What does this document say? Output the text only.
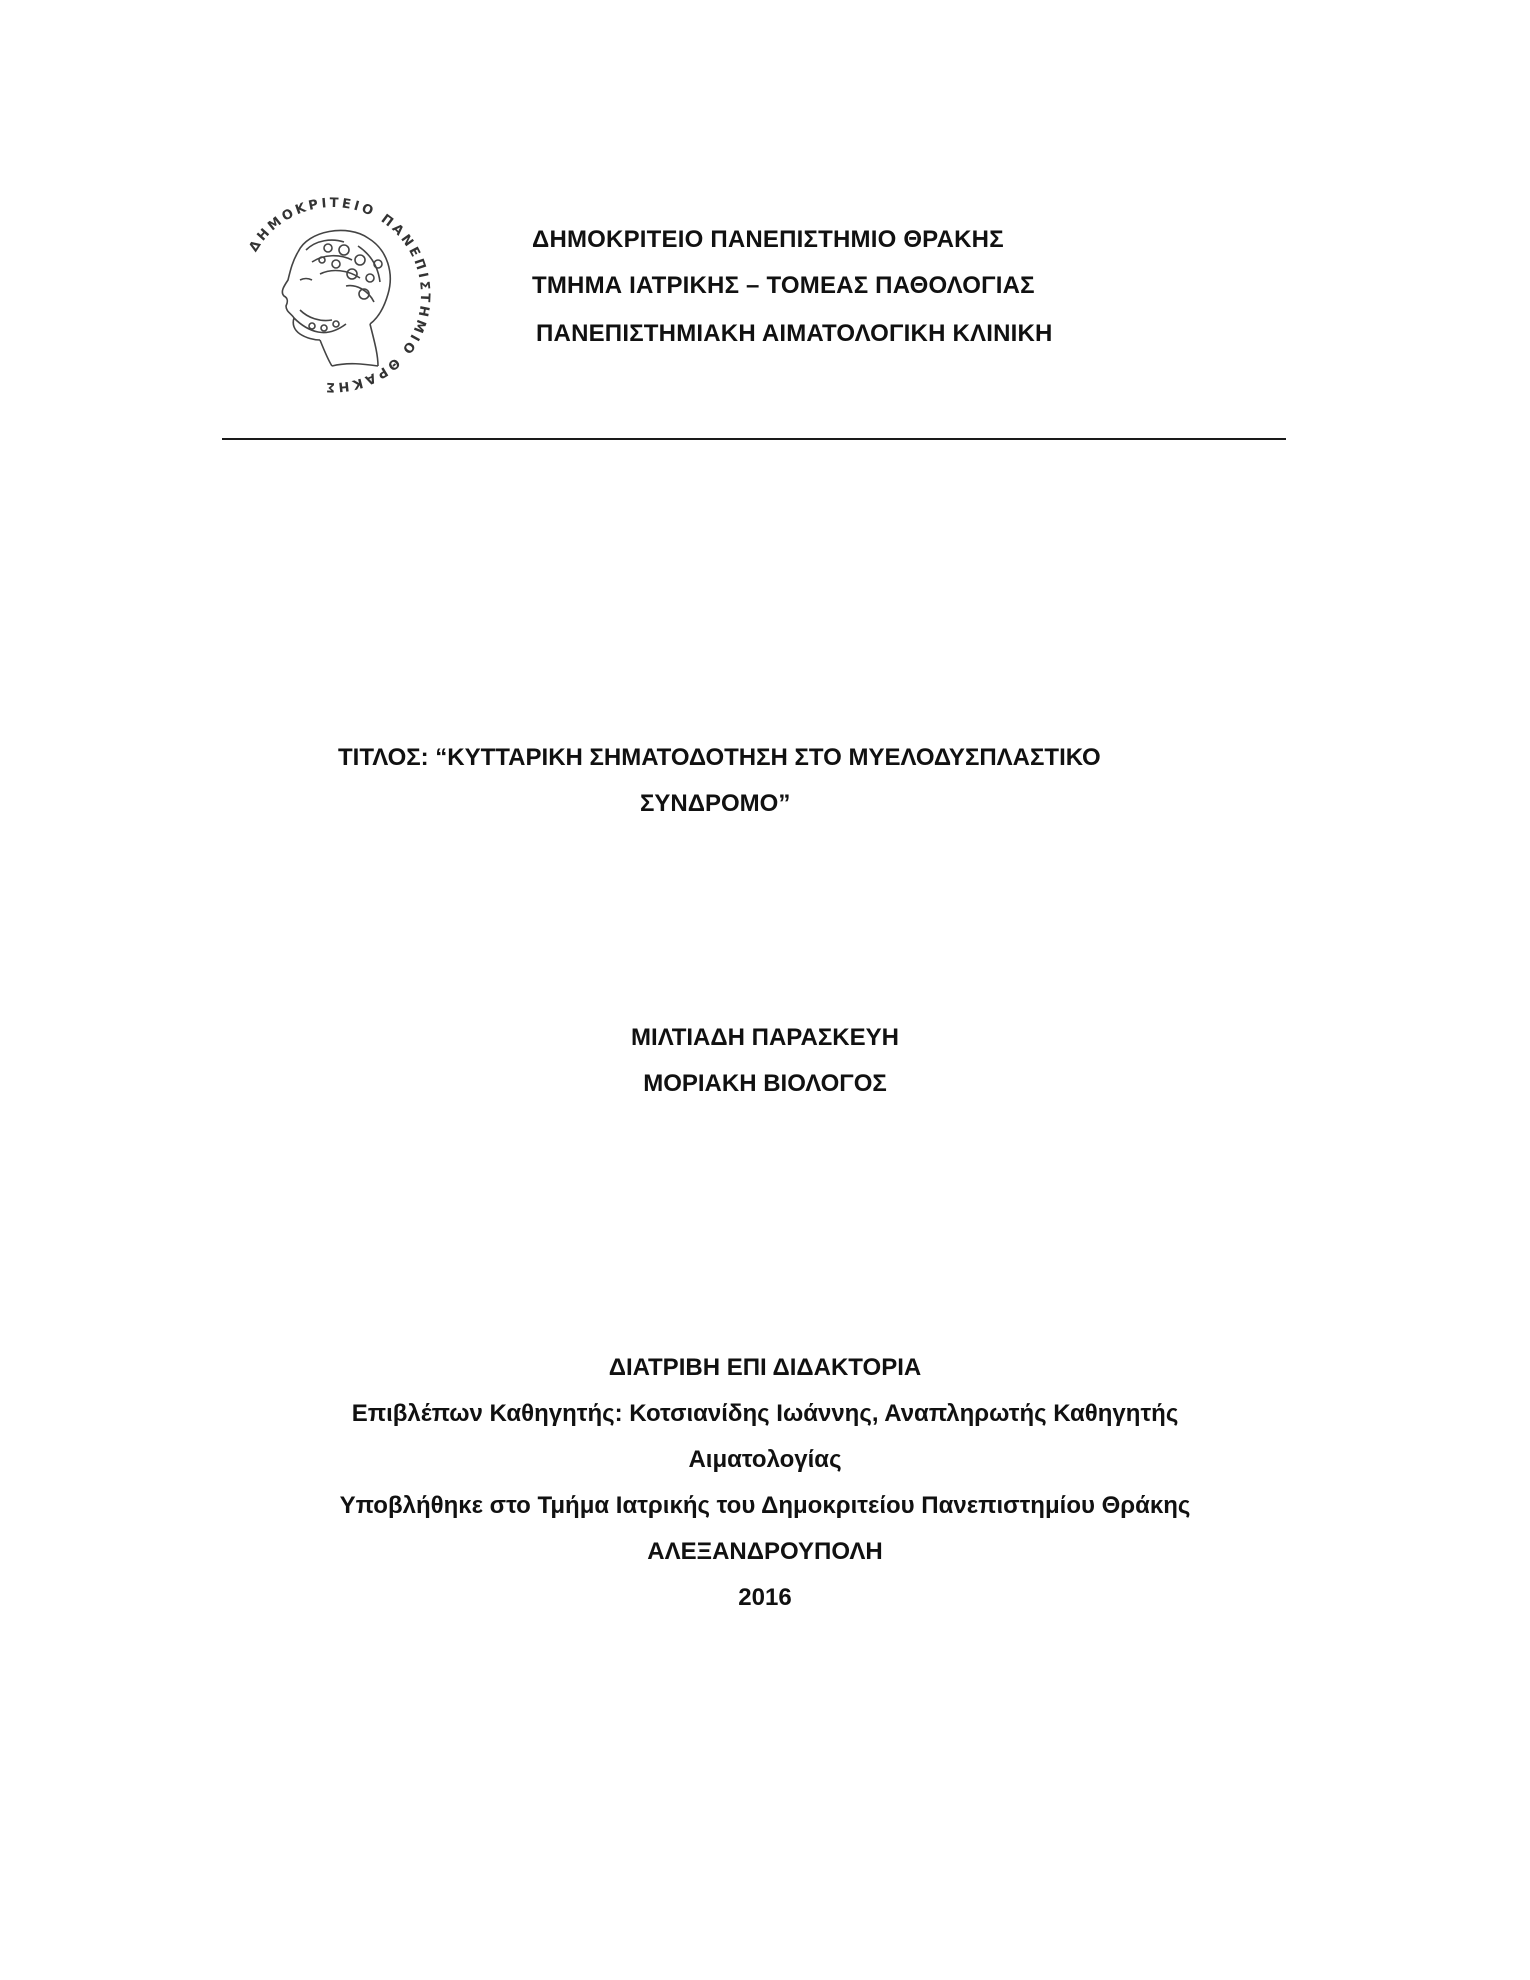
ΔΗΜΟΚΡΙΤΕΙΟ ΠΑΝΕΠΙΣΤΗΜΙΟ ΘΡΑΚΗΣ
ΔΗΜΟΚΡΙΤΕΙΟ ΠΑΝΕΠΙΣΤΗΜΙΟ ΘΡΑΚΗΣ
ΤΜΗΜΑ ΙΑΤΡΙΚΗΣ – ΤΟΜΕΑΣ ΠΑΘΟΛΟΓΙΑΣ
ΠΑΝΕΠΙΣΤΗΜΙΑΚΗ ΑΙΜΑΤΟΛΟΓΙΚΗ ΚΛΙΝΙΚΗ
ΤΙΤΛΟΣ: “ΚΥΤΤΑΡΙΚΗ ΣΗΜΑΤΟΔΟΤΗΣΗ ΣΤΟ ΜΥΕΛΟΔΥΣΠΛΑΣΤΙΚΟ
ΣΥΝΔΡΟΜΟ”
ΜΙΛΤΙΑΔΗ ΠΑΡΑΣΚΕΥΗ
ΜΟΡΙΑΚΗ ΒΙΟΛΟΓΟΣ
ΔΙΑΤΡΙΒΗ ΕΠΙ ΔΙΔΑΚΤΟΡΙΑ
Επιβλέπων Καθηγητής: Κοτσιανίδης Ιωάννης, Αναπληρωτής Καθηγητής
Αιματολογίας
Υποβλήθηκε στο Τμήμα Ιατρικής του Δημοκριτείου Πανεπιστημίου Θράκης
ΑΛΕΞΑΝΔΡΟΥΠΟΛΗ
2016
